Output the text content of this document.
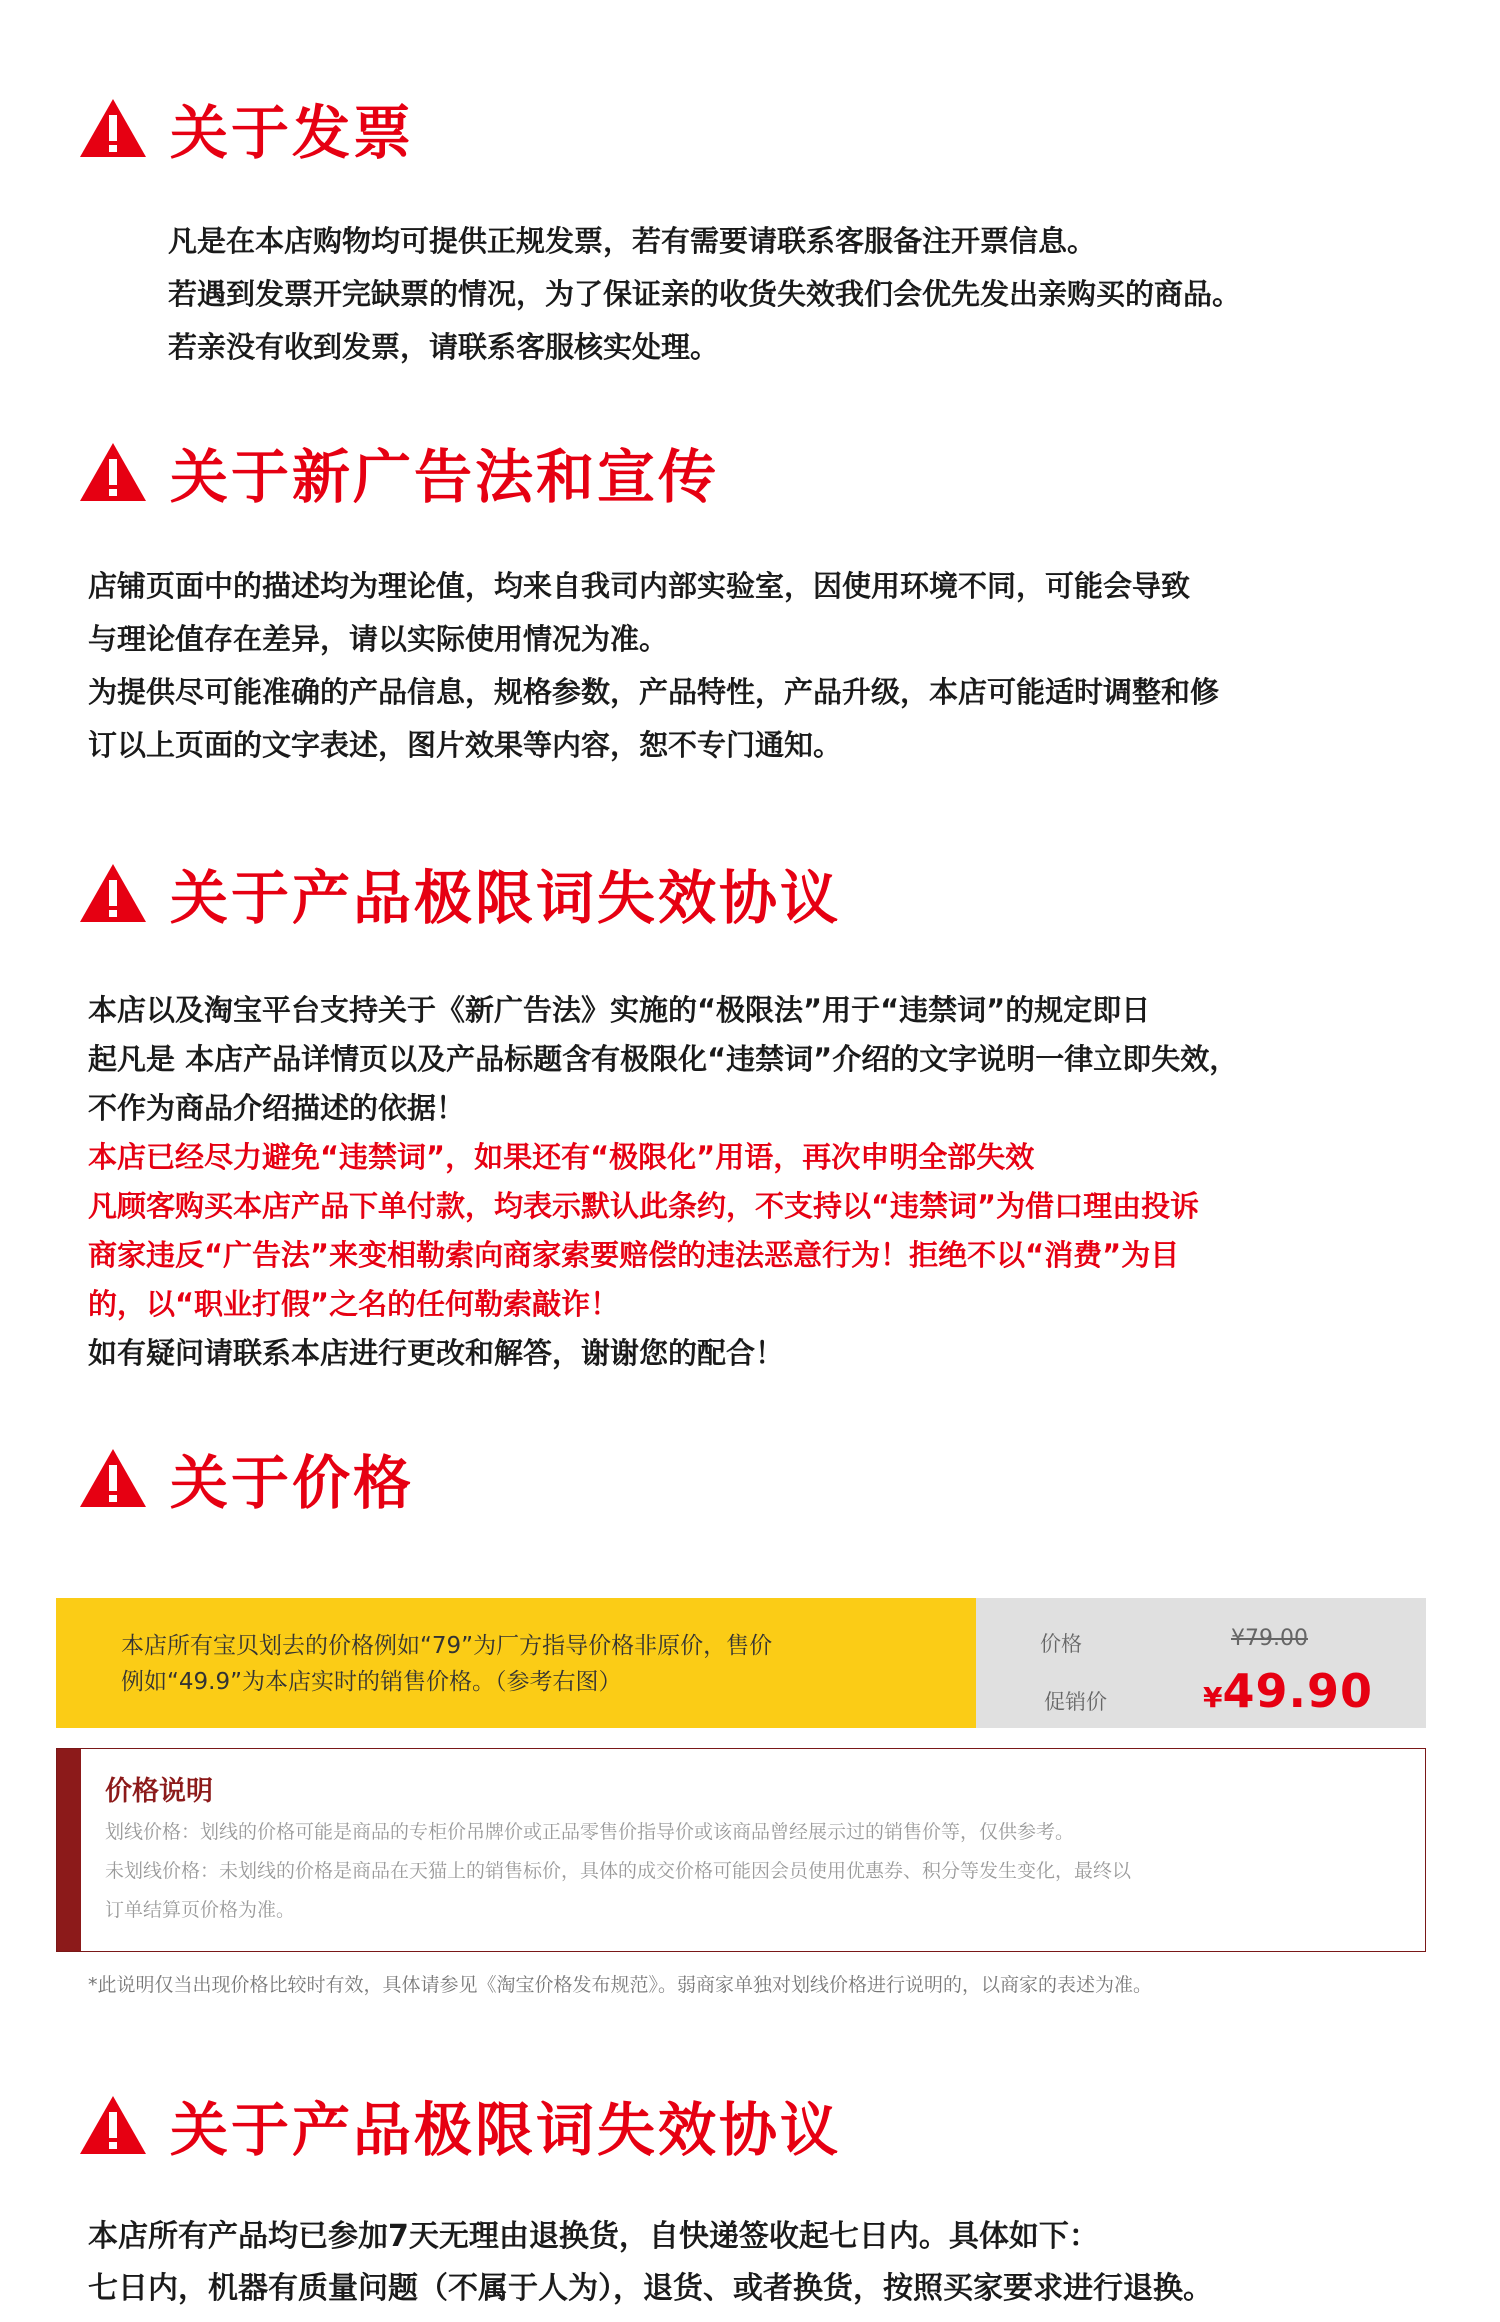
关于发票
凡是在本店购物均可提供正规发票，若有需要请联系客服备注开票信息。
若遇到发票开完缺票的情况，为了保证亲的收货失效我们会优先发出亲购买的商品。
若亲没有收到发票，请联系客服核实处理。
关于新广告法和宣传
店铺页面中的描述均为理论值，均来自我司内部实验室，因使用环境不同，可能会导致
与理论值存在差异，请以实际使用情况为准。
为提供尽可能准确的产品信息，规格参数，产品特性，产品升级，本店可能适时调整和修
订以上页面的文字表述，图片效果等内容，恕不专门通知。
关于产品极限词失效协议
本店以及淘宝平台支持关于《新广告法》实施的“极限法”用于“违禁词”的规定即日
起凡是 本店产品详情页以及产品标题含有极限化“违禁词”介绍的文字说明一律立即失效，
不作为商品介绍描述的依据！
本店已经尽力避免“违禁词”，如果还有“极限化”用语，再次申明全部失效
凡顾客购买本店产品下单付款，均表示默认此条约，不支持以“违禁词”为借口理由投诉
商家违反“广告法”来变相勒索向商家索要赔偿的违法恶意行为！拒绝不以“消费”为目
的，以“职业打假”之名的任何勒索敲诈！
如有疑问请联系本店进行更改和解答，谢谢您的配合！
关于价格
本店所有宝贝划去的价格例如“79”为厂方指导价格非原价，售价
例如“49.9”为本店实时的销售价格。（参考右图）
价格	¥79.00
促销价	¥49.90
价格说明
划线价格：划线的价格可能是商品的专柜价吊牌价或正品零售价指导价或该商品曾经展示过的销售价等，仅供参考。
未划线价格：未划线的价格是商品在天猫上的销售标价，具体的成交价格可能因会员使用优惠券、积分等发生变化，最终以
订单结算页价格为准。
*此说明仅当出现价格比较时有效，具体请参见《淘宝价格发布规范》。弱商家单独对划线价格进行说明的，以商家的表述为准。
关于产品极限词失效协议
本店所有产品均已参加7天无理由退换货，自快递签收起七日内。具体如下：
七日内，机器有质量问题（不属于人为），退货、或者换货，按照买家要求进行退换。
